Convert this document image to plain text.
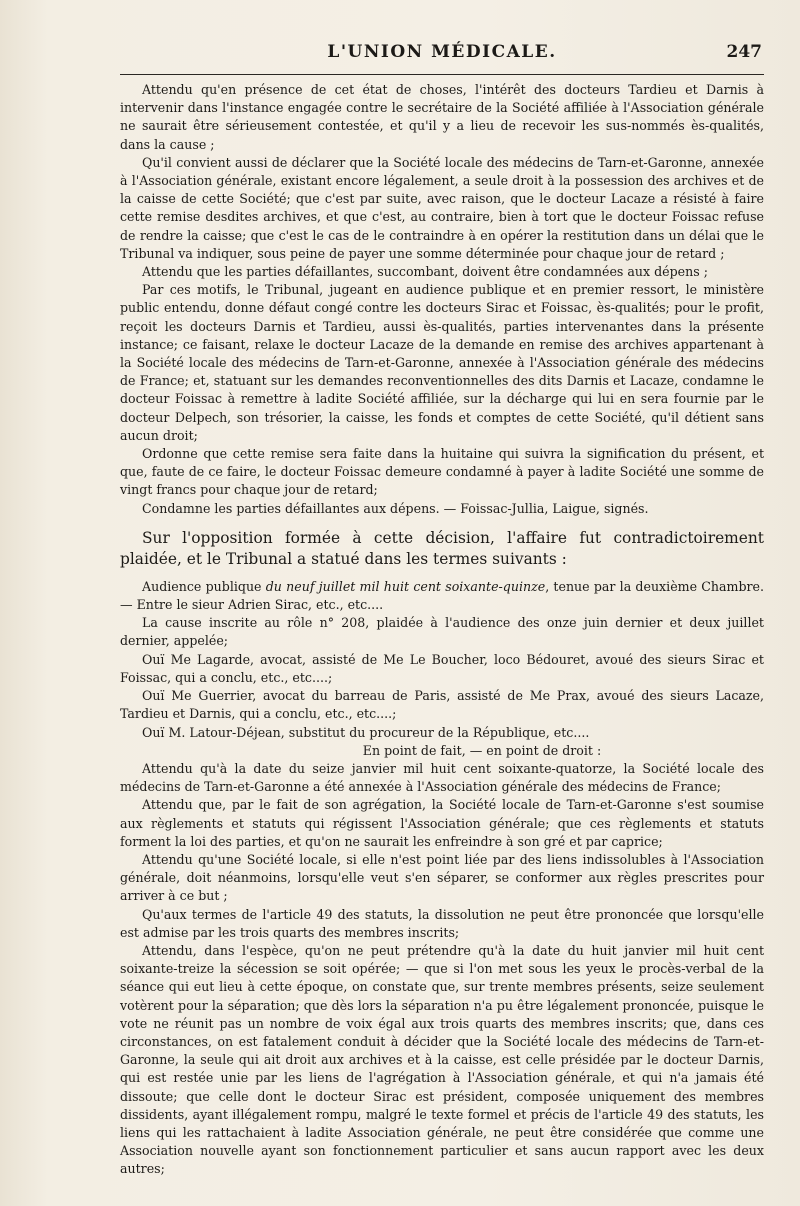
L'UNION MÉDICALE.	247

Attendu qu'en présence de cet état de choses, l'intérêt des docteurs Tardieu et Darnis à intervenir dans l'instance engagée contre le secrétaire de la Société affiliée à l'Association générale ne saurait être sérieusement contestée, et qu'il y a lieu de recevoir les sus-nommés ès-qualités, dans la cause ;

Qu'il convient aussi de déclarer que la Société locale des médecins de Tarn-et-Garonne, annexée à l'Association générale, existant encore légalement, a seule droit à la possession des archives et de la caisse de cette Société; que c'est par suite, avec raison, que le docteur Lacaze a résisté à faire cette remise desdites archives, et que c'est, au contraire, bien à tort que le docteur Foissac refuse de rendre la caisse; que c'est le cas de le contraindre à en opérer la restitution dans un délai que le Tribunal va indiquer, sous peine de payer une somme déterminée pour chaque jour de retard ;

Attendu que les parties défaillantes, succombant, doivent être condamnées aux dépens ;

Par ces motifs, le Tribunal, jugeant en audience publique et en premier ressort, le ministère public entendu, donne défaut congé contre les docteurs Sirac et Foissac, ès-qualités; pour le profit, reçoit les docteurs Darnis et Tardieu, aussi ès-qualités, parties intervenantes dans la présente instance; ce faisant, relaxe le docteur Lacaze de la demande en remise des archives appartenant à la Société locale des médecins de Tarn-et-Garonne, annexée à l'Association générale des médecins de France; et, statuant sur les demandes reconventionnelles des dits Darnis et Lacaze, condamne le docteur Foissac à remettre à ladite Société affiliée, sur la décharge qui lui en sera fournie par le docteur Delpech, son trésorier, la caisse, les fonds et comptes de cette Société, qu'il détient sans aucun droit;

Ordonne que cette remise sera faite dans la huitaine qui suivra la signification du présent, et que, faute de ce faire, le docteur Foissac demeure condamné à payer à ladite Société une somme de vingt francs pour chaque jour de retard;

Condamne les parties défaillantes aux dépens. — Foissac-Jullia, Laigue, signés.

Sur l'opposition formée à cette décision, l'affaire fut contradictoirement plaidée, et le Tribunal a statué dans les termes suivants :

Audience publique du neuf juillet mil huit cent soixante-quinze, tenue par la deuxième Chambre. — Entre le sieur Adrien Sirac, etc., etc....

La cause inscrite au rôle n° 208, plaidée à l'audience des onze juin dernier et deux juillet dernier, appelée;

Ouï Me Lagarde, avocat, assisté de Me Le Boucher, loco Bédouret, avoué des sieurs Sirac et Foissac, qui a conclu, etc., etc....;

Ouï Me Guerrier, avocat du barreau de Paris, assisté de Me Prax, avoué des sieurs Lacaze, Tardieu et Darnis, qui a conclu, etc., etc....;

Ouï M. Latour-Déjean, substitut du procureur de la République, etc....

En point de fait, — en point de droit :

Attendu qu'à la date du seize janvier mil huit cent soixante-quatorze, la Société locale des médecins de Tarn-et-Garonne a été annexée à l'Association générale des médecins de France;

Attendu que, par le fait de son agrégation, la Société locale de Tarn-et-Garonne s'est soumise aux règlements et statuts qui régissent l'Association générale; que ces règlements et statuts forment la loi des parties, et qu'on ne saurait les enfreindre à son gré et par caprice;

Attendu qu'une Société locale, si elle n'est point liée par des liens indissolubles à l'Association générale, doit néanmoins, lorsqu'elle veut s'en séparer, se conformer aux règles prescrites pour arriver à ce but ;

Qu'aux termes de l'article 49 des statuts, la dissolution ne peut être prononcée que lorsqu'elle est admise par les trois quarts des membres inscrits;

Attendu, dans l'espèce, qu'on ne peut prétendre qu'à la date du huit janvier mil huit cent soixante-treize la sécession se soit opérée; — que si l'on met sous les yeux le procès-verbal de la séance qui eut lieu à cette époque, on constate que, sur trente membres présents, seize seulement votèrent pour la séparation; que dès lors la séparation n'a pu être légalement prononcée, puisque le vote ne réunit pas un nombre de voix égal aux trois quarts des membres inscrits; que, dans ces circonstances, on est fatalement conduit à décider que la Société locale des médecins de Tarn-et-Garonne, la seule qui ait droit aux archives et à la caisse, est celle présidée par le docteur Darnis, qui est restée unie par les liens de l'agrégation à l'Association générale, et qui n'a jamais été dissoute; que celle dont le docteur Sirac est président, composée uniquement des membres dissidents, ayant illégalement rompu, malgré le texte formel et précis de l'article 49 des statuts, les liens qui les rattachaient à ladite Association générale, ne peut être considérée que comme une Association nouvelle ayant son fonctionnement particulier et sans aucun rapport avec les deux autres;
